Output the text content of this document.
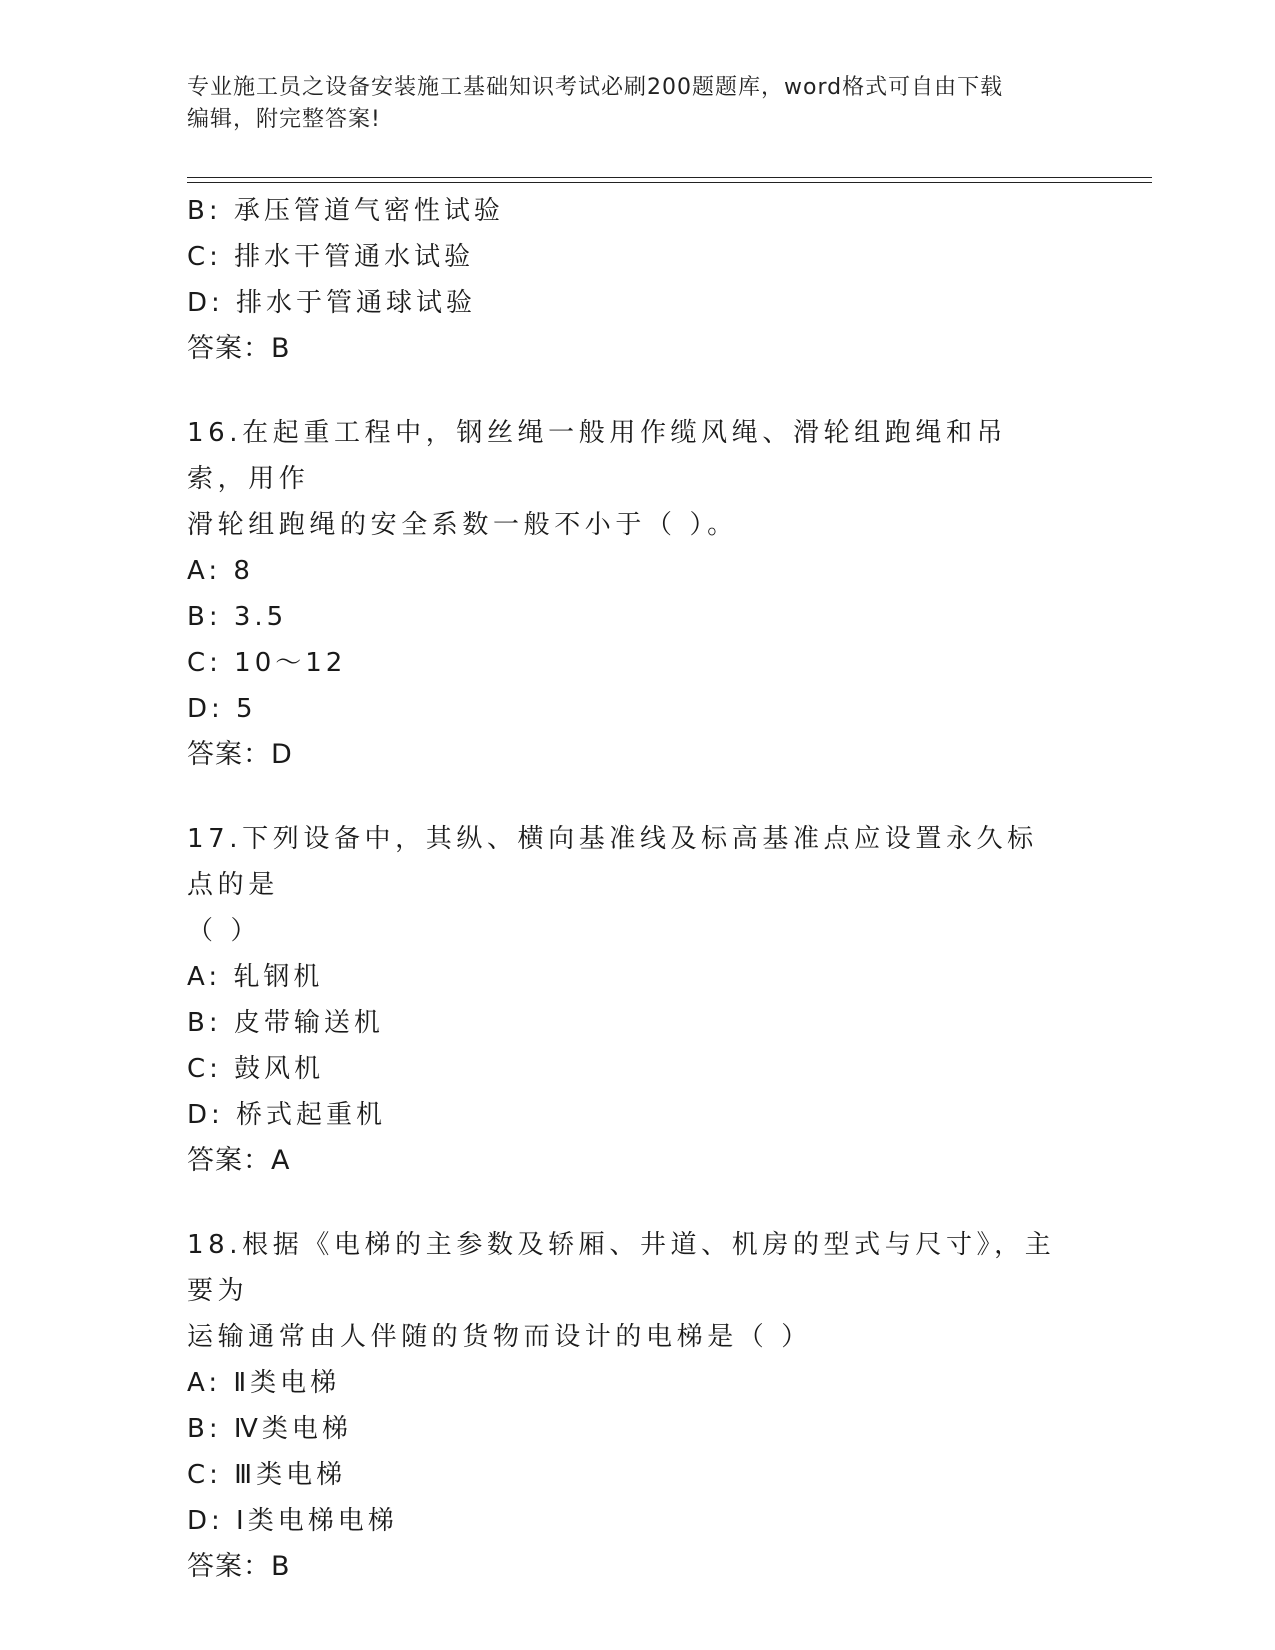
专业施工员之设备安装施工基础知识考试必刷200题题库，word格式可自由下载
编辑，附完整答案!
B: 承压管道气密性试验
C: 排水干管通水试验
D: 排水于管通球试验
答案：B
16.在起重工程中，钢丝绳一般用作缆风绳、滑轮组跑绳和吊索，用作
滑轮组跑绳的安全系数一般不小于（ ）。
A: 8
B: 3.5
C: 10～12
D: 5
答案：D
17.下列设备中，其纵、横向基准线及标高基准点应设置永久标点的是
（ ）
A: 轧钢机
B: 皮带输送机
C: 鼓风机
D: 桥式起重机
答案：A
18.根据《电梯的主参数及轿厢、井道、机房的型式与尺寸》，主要为
运输通常由人伴随的货物而设计的电梯是（ ）
A: Ⅱ类电梯
B: Ⅳ类电梯
C: Ⅲ类电梯
D: Ⅰ类电梯电梯
答案：B
